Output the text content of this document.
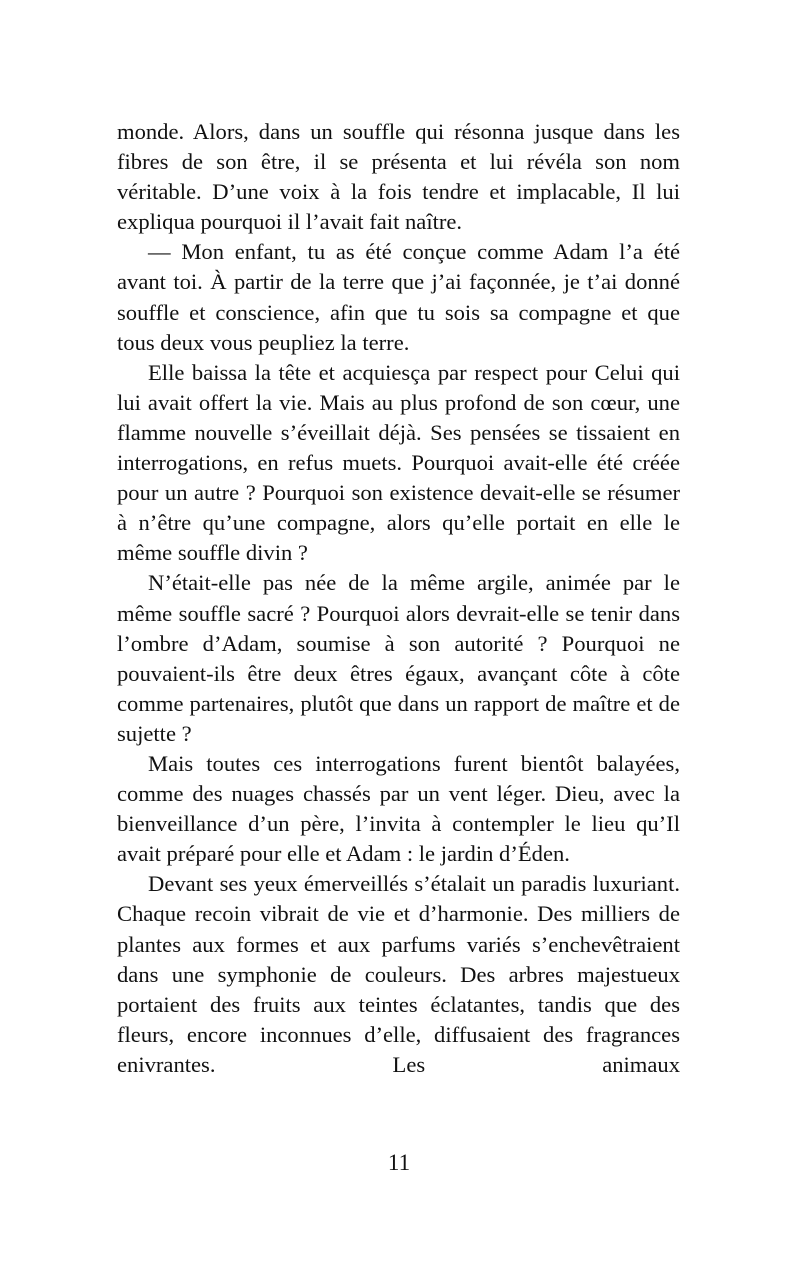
monde. Alors, dans un souffle qui résonna jusque dans les fibres de son être, il se présenta et lui révéla son nom véritable. D’une voix à la fois tendre et implacable, Il lui expliqua pourquoi il l’avait fait naître.

— Mon enfant, tu as été conçue comme Adam l’a été avant toi. À partir de la terre que j’ai façonnée, je t’ai donné souffle et conscience, afin que tu sois sa compagne et que tous deux vous peupliez la terre.

Elle baissa la tête et acquiesça par respect pour Celui qui lui avait offert la vie. Mais au plus profond de son cœur, une flamme nouvelle s’éveillait déjà. Ses pensées se tissaient en interrogations, en refus muets. Pourquoi avait-elle été créée pour un autre ? Pourquoi son existence devait-elle se résumer à n’être qu’une compagne, alors qu’elle portait en elle le même souffle divin ?

N’était-elle pas née de la même argile, animée par le même souffle sacré ? Pourquoi alors devrait-elle se tenir dans l’ombre d’Adam, soumise à son autorité ? Pourquoi ne pouvaient-ils être deux êtres égaux, avançant côte à côte comme partenaires, plutôt que dans un rapport de maître et de sujette ?

Mais toutes ces interrogations furent bientôt balayées, comme des nuages chassés par un vent léger. Dieu, avec la bienveillance d’un père, l’invita à contempler le lieu qu’Il avait préparé pour elle et Adam : le jardin d’Éden.

Devant ses yeux émerveillés s’étalait un paradis luxuriant. Chaque recoin vibrait de vie et d’harmonie. Des milliers de plantes aux formes et aux parfums variés s’enchevêtraient dans une symphonie de couleurs. Des arbres majestueux portaient des fruits aux teintes éclatantes, tandis que des fleurs, encore inconnues d’elle, diffusaient des fragrances enivrantes. Les animaux

11
